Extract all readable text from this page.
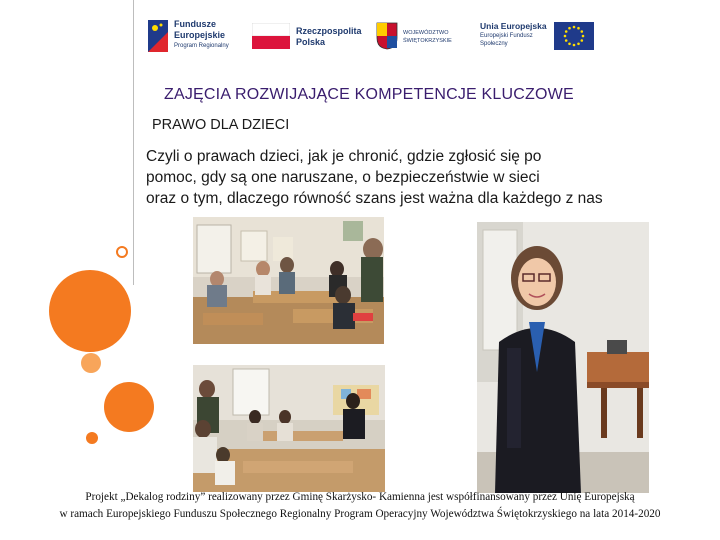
Fundusze
Europejskie
Program Regionalny
Rzeczpospolita
Polska
WOJEWÓDZTWO
ŚWIĘTOKRZYSKIE
Unia Europejska
Europejski Fundusz
Społeczny
ZAJĘCIA ROZWIJAJĄCE KOMPETENCJE KLUCZOWE
PRAWO DLA DZIECI
Czyli o prawach dzieci, jak je chronić, gdzie zgłosić się po
pomoc, gdy są one naruszane, o bezpieczeństwie w sieci
oraz o tym, dlaczego równość szans jest ważna dla każdego z nas
Projekt „Dekalog rodziny” realizowany przez Gminę Skarżysko- Kamienna jest współfinansowany przez Unię Europejską
w ramach Europejskiego Funduszu Społecznego Regionalny Program Operacyjny Województwa Świętokrzyskiego na lata 2014-2020
